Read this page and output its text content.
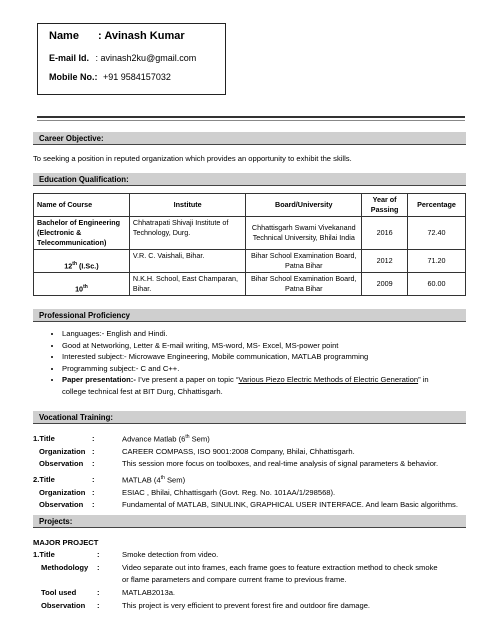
Name : Avinash Kumar
E-mail Id. : avinash2ku@gmail.com
Mobile No.: +91 9584157032
Career Objective:
To seeking a position in reputed organization which provides an opportunity to exhibit the skills.
Education Qualification:
Name of Course	Institute	Board/University	Year of Passing	Percentage
Bachelor of Engineering (Electronic & Telecommunication)	Chhatrapati Shivaji Institute of Technology, Durg.	Chhattisgarh Swami Vivekanand Technical University, Bhilai India	2016	72.40
12th (I.Sc.)	V.R. C. Vaishali, Bihar.	Bihar School Examination Board, Patna Bihar	2012	71.20
10th	N.K.H. School, East Champaran, Bihar.	Bihar School Examination Board, Patna Bihar	2009	60.00
Professional Proficiency
• Languages:- English and Hindi.
• Good at Networking, Letter & E-mail writing, MS-word, MS- Excel, MS-power point
• Interested subject:- Microwave Engineering, Mobile communication, MATLAB programming
• Programming subject:- C and C++.
• Paper presentation:- I’ve present a paper on topic “Various Piezo Electric Methods of Electric Generation” in
college technical fest at BIT Durg, Chhattisgarh.
Vocational Training:
1.Title	:	Advance Matlab (6th Sem)
Organization :	CAREER COMPASS, ISO 9001:2008 Company, Bhilai, Chhattisgarh.
Observation :	This session more focus on toolboxes, and real-time analysis of signal parameters & behavior.
2.Title	:	MATLAB (4th Sem)
Organization :	ESIAC , Bhilai, Chhattisgarh (Govt. Reg. No. 101AA/1/298568).
Observation :	Fundamental of MATLAB, SINULINK, GRAPHICAL USER INTERFACE. And learn Basic algorithms.
Projects:
MAJOR PROJECT
1.Title	:	Smoke detection from video.
Methodology :	Video separate out into frames, each frame goes to feature extraction method to check smoke
or flame parameters and compare current frame to previous frame.
Tool used	:	MATLAB2013a.
Observation :	This project is very efficient to prevent forest fire and outdoor fire damage.
